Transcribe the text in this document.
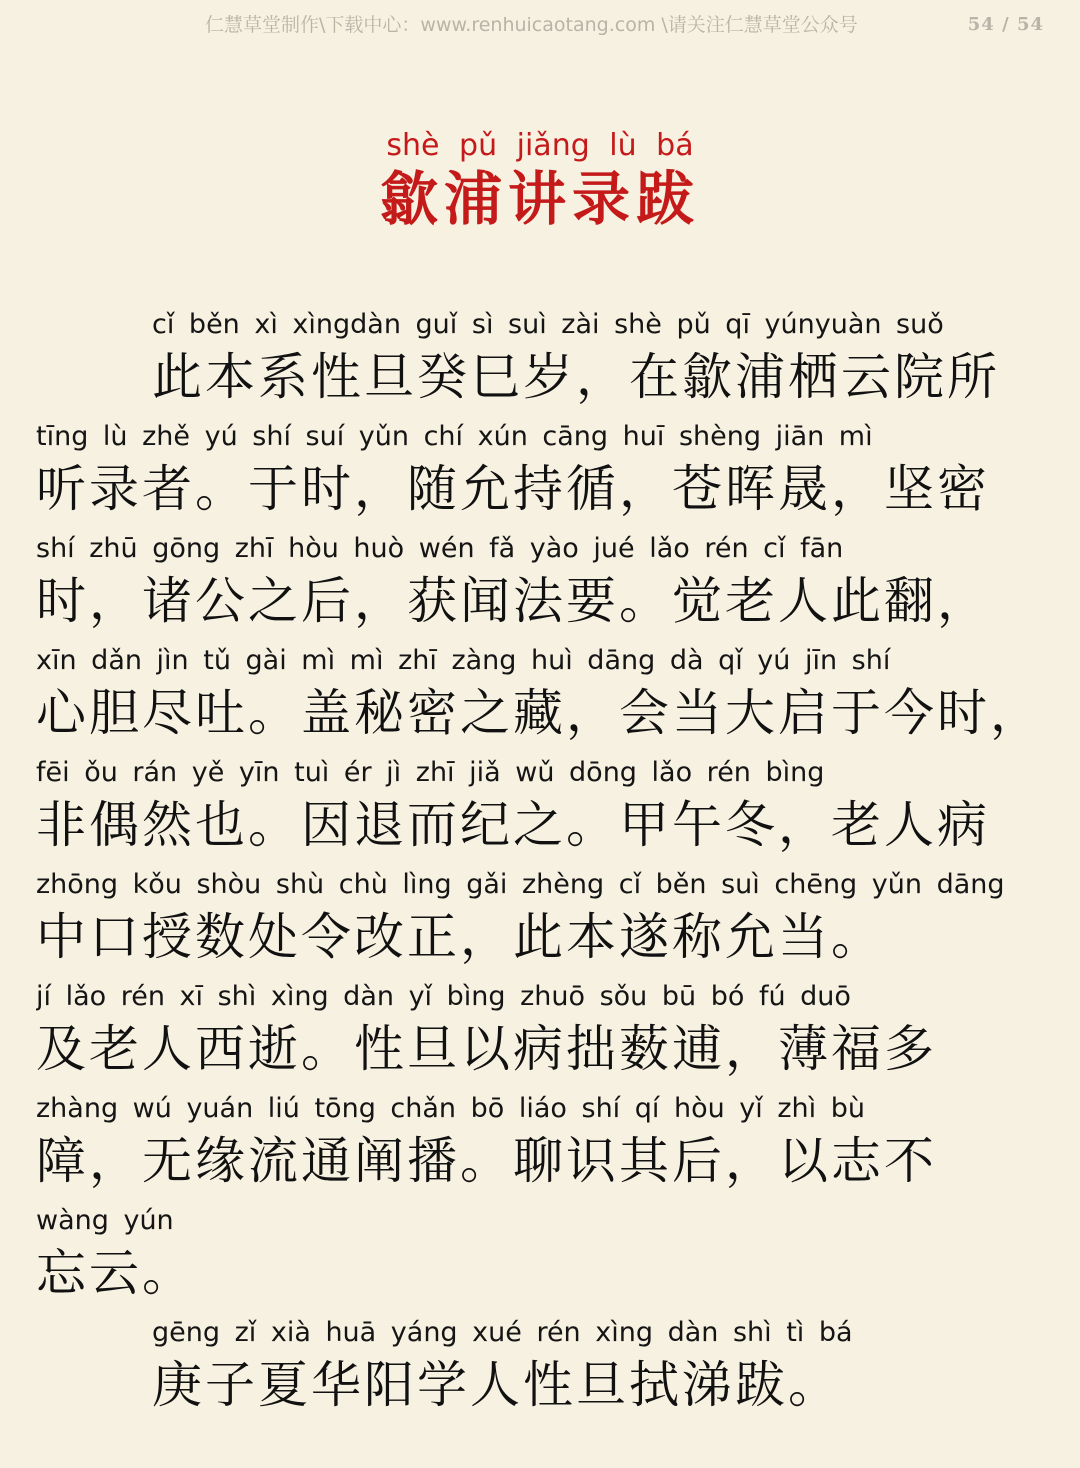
仁慧草堂制作\下载中心：www.renhuicaotang.com \请关注仁慧草堂公众号	54 / 54
shè pǔ jiǎng lù bá
歙浦讲录跋
cǐ běn xì xìngdàn guǐ sì suì zài shè pǔ qī yúnyuàn suǒ
此本系性旦癸巳岁，在歙浦栖云院所
tīng lù zhě yú shí suí yǔn chí xún cāng huī shèng jiān mì
听录者。于时，随允持循，苍晖晟，坚密
shí zhū gōng zhī hòu huò wén fǎ yào jué lǎo rén cǐ fān
时，诸公之后，获闻法要。觉老人此翻，
xīn dǎn jìn tǔ gài mì mì zhī zàng huì dāng dà qǐ yú jīn shí
心胆尽吐。盖秘密之藏，会当大启于今时，
fēi ǒu rán yě yīn tuì ér jì zhī jiǎ wǔ dōng lǎo rén bìng
非偶然也。因退而纪之。甲午冬，老人病
zhōng kǒu shòu shù chù lìng gǎi zhèng cǐ běn suì chēng yǔn dāng
中口授数处令改正，此本遂称允当。
jí lǎo rén xī shì xìng dàn yǐ bìng zhuō sǒu bū bó fú duō
及老人西逝。性旦以病拙薮逋，薄福多
zhàng wú yuán liú tōng chǎn bō liáo shí qí hòu yǐ zhì bù
障，无缘流通阐播。聊识其后，以志不
wàng yún
忘云。
gēng zǐ xià huā yáng xué rén xìng dàn shì tì bá
庚子夏华阳学人性旦拭涕跋。
